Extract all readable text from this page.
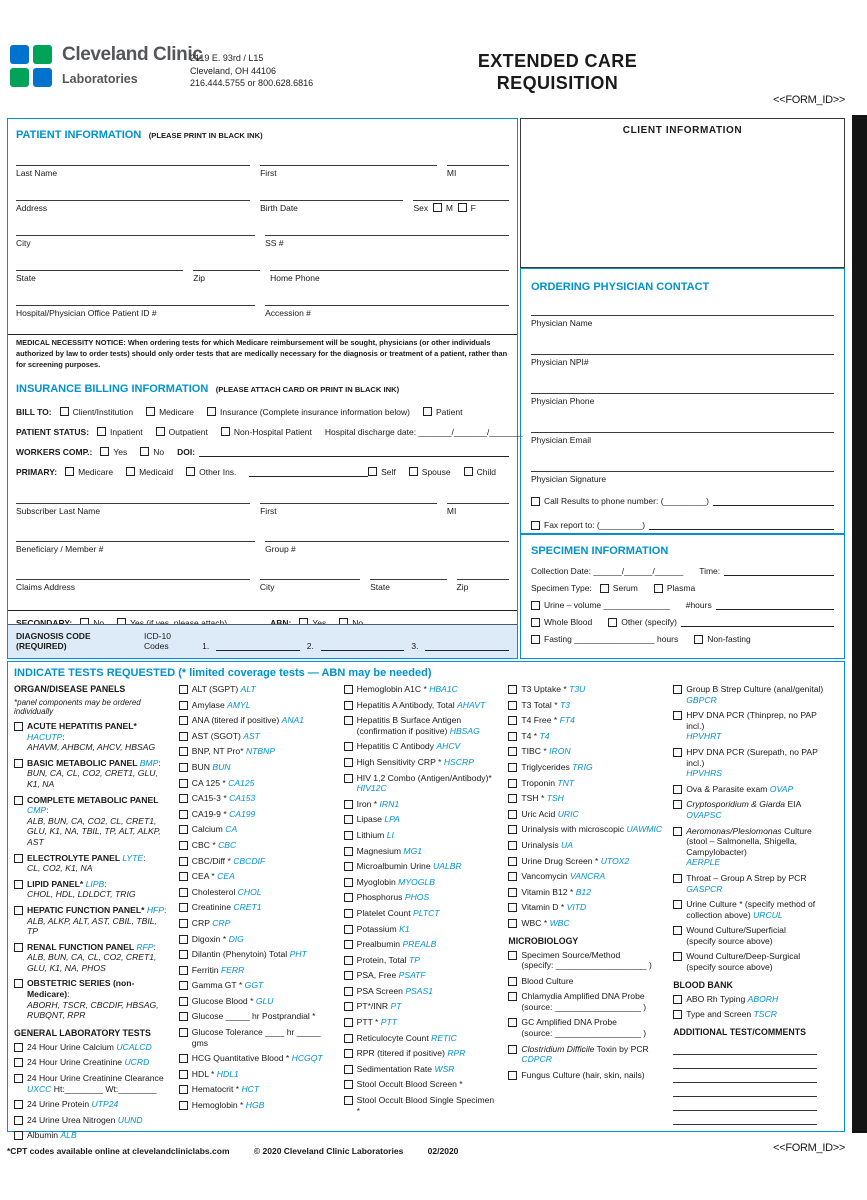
Cleveland Clinic
Laboratories
2119 E. 93rd / L15
Cleveland, OH 44106
216.444.5755 or 800.628.6816
EXTENDED CARE
REQUISITION
<<FORM_ID>>
PATIENT INFORMATION (PLEASE PRINT IN BLACK INK)
Last Name	First	MI
Address	Birth Date	Sex M F
City	SS #
State	Zip	Home Phone
Hospital/Physician Office Patient ID #	Accession #
MEDICAL NECESSITY NOTICE: When ordering tests for which Medicare reimbursement will be sought, physicians (or other individuals authorized by law to order tests) should only order tests that are medically necessary for the diagnosis or treatment of a patient, rather than for screening purposes.
INSURANCE BILLING INFORMATION (PLEASE ATTACH CARD OR PRINT IN BLACK INK)
BILL TO:	Client/Institution	Medicare	Insurance (Complete insurance information below)	Patient
PATIENT STATUS:	Inpatient	Outpatient	Non-Hospital Patient	Hospital discharge date: _______/_______/_______
WORKERS COMP.:	Yes	No	DOI:
PRIMARY:	Medicare	Medicaid	Other Ins.	Self	Spouse	Child
Subscriber Last Name	First	MI
Beneficiary / Member #	Group #
Claims Address	City	State	Zip
DIAGNOSIS CODE (REQUIRED)
ICD-10 Codes	1.	2.	3.
CLIENT INFORMATION
ORDERING PHYSICIAN CONTACT
Physician Name
Physician NPI#
Physician Phone
Physician Email
Physician Signature
Call Results to phone number: (_________)
Fax report to: (_________)
SPECIMEN INFORMATION
Collection Date: ______/______/______ Time:
Specimen Type: Serum	Plasma
Urine – volume ______________ #hours
Whole Blood	Other (specify)
Fasting _________________ hours	Non-fasting
INDICATE TESTS REQUESTED (* limited coverage tests — ABN may be needed)
ORGAN/DISEASE PANELS
*panel components may be ordered individually
ACUTE HEPATITIS PANEL* HACUTP:
AHAVM, AHBCM, AHCV, HBSAG
BASIC METABOLIC PANEL BMP:
BUN, CA, CL, CO2, CRET1, GLU, K1, NA
COMPLETE METABOLIC PANEL CMP:
ALB, BUN, CA, CO2, CL, CRET1, GLU, K1, NA, TBIL, TP, ALT, ALKP, AST
ELECTROLYTE PANEL LYTE:
CL, CO2, K1, NA
LIPID PANEL* LIPB:
CHOL, HDL, LDLDCT, TRIG
HEPATIC FUNCTION PANEL* HFP:
ALB, ALKP, ALT, AST, CBIL, TBIL, TP
RENAL FUNCTION PANEL RFP:
ALB, BUN, CA, CL, CO2, CRET1, GLU, K1, NA, PHOS
OBSTETRIC SERIES (non-Medicare):
ABORH, TSCR, CBCDIF, HBSAG, RUBQNT, RPR
GENERAL LABORATORY TESTS
24 Hour Urine Calcium UCALCD
24 Hour Urine Creatinine UCRD
24 Hour Urine Creatinine Clearance
UXCC Ht:________ Wt:________
24 Urine Protein UTP24
24 Urine Urea Nitrogen UUND
Albumin ALB
ALT (SGPT) ALT
Amylase AMYL
ANA (titered if positive) ANA1
AST (SGOT) AST
BNP, NT Pro* NTBNP
BUN BUN
CA 125 * CA125
CA15-3 * CA153
CA19-9 * CA199
Calcium CA
CBC * CBC
CBC/Diff * CBCDIF
CEA * CEA
Cholesterol CHOL
Creatinine CRET1
CRP CRP
Digoxin * DIG
Dilantin (Phenytoin) Total PHT
Ferritin FERR
Gamma GT * GGT
Glucose Blood * GLU
Glucose _____ hr Postprandial *
Glucose Tolerance ____ hr _____ gms
HCG Quantitative Blood * HCGQT
HDL * HDL1
Hematocrit * HCT
Hemoglobin * HGB
Hemoglobin A1C * HBA1C
Hepatitis A Antibody, Total AHAVT
Hepatitis B Surface Antigen
(confirmation if positive) HBSAG
Hepatitis C Antibody AHCV
High Sensitivity CRP * HSCRP
HIV 1,2 Combo (Antigen/Antibody)*
HIV12C
Iron * IRN1
Lipase LPA
Lithium LI
Magnesium MG1
Microalbumin Urine UALBR
Myoglobin MYOGLB
Phosphorus PHOS
Platelet Count PLTCT
Potassium K1
Prealbumin PREALB
Protein, Total TP
PSA, Free PSATF
PSA Screen PSAS1
PT*/INR PT
PTT * PTT
Reticulocyte Count RETIC
RPR (titered if positive) RPR
Sedimentation Rate WSR
Stool Occult Blood Screen *
Stool Occult Blood Single Specimen *
T3 Uptake * T3U
T3 Total * T3
T4 Free * FT4
T4 * T4
TIBC * IRON
Triglycerides TRIG
Troponin TNT
TSH * TSH
Uric Acid URIC
Urinalysis with microscopic UAWMIC
Urinalysis UA
Urine Drug Screen * UTOX2
Vancomycin VANCRA
Vitamin B12 * B12
Vitamin D * VITD
WBC * WBC
MICROBIOLOGY
Specimen Source/Method
(specify: ___________________ )
Blood Culture
Chlamydia Amplified DNA Probe
(source: __________________ )
GC Amplified DNA Probe
(source: __________________ )
Clostridium Difficile Toxin by PCR
CDPCR
Fungus Culture (hair, skin, nails)
Group B Strep Culture (anal/genital)
GBPCR
HPV DNA PCR (Thinprep, no PAP incl.)
HPVHRT
HPV DNA PCR (Surepath, no PAP incl.)
HPVHRS
Ova & Parasite exam OVAP
Cryptosporidium & Giarda EIA OVAPSC
Aeromonas/Plesiomonas Culture (stool – Salmonella, Shigella, Campylobacter)
AERPLE
Throat – Group A Strep by PCR GASPCR
Urine Culture * (specify method of collection above) URCUL
Wound Culture/Superficial
(specify source above)
Wound Culture/Deep-Surgical
(specify source above)
BLOOD BANK
ABO Rh Typing ABORH
Type and Screen TSCR
ADDITIONAL TEST/COMMENTS
*CPT codes available online at clevelandcliniclabs.com	© 2020 Cleveland Clinic Laboratories	02/2020	<<FORM_ID>>
